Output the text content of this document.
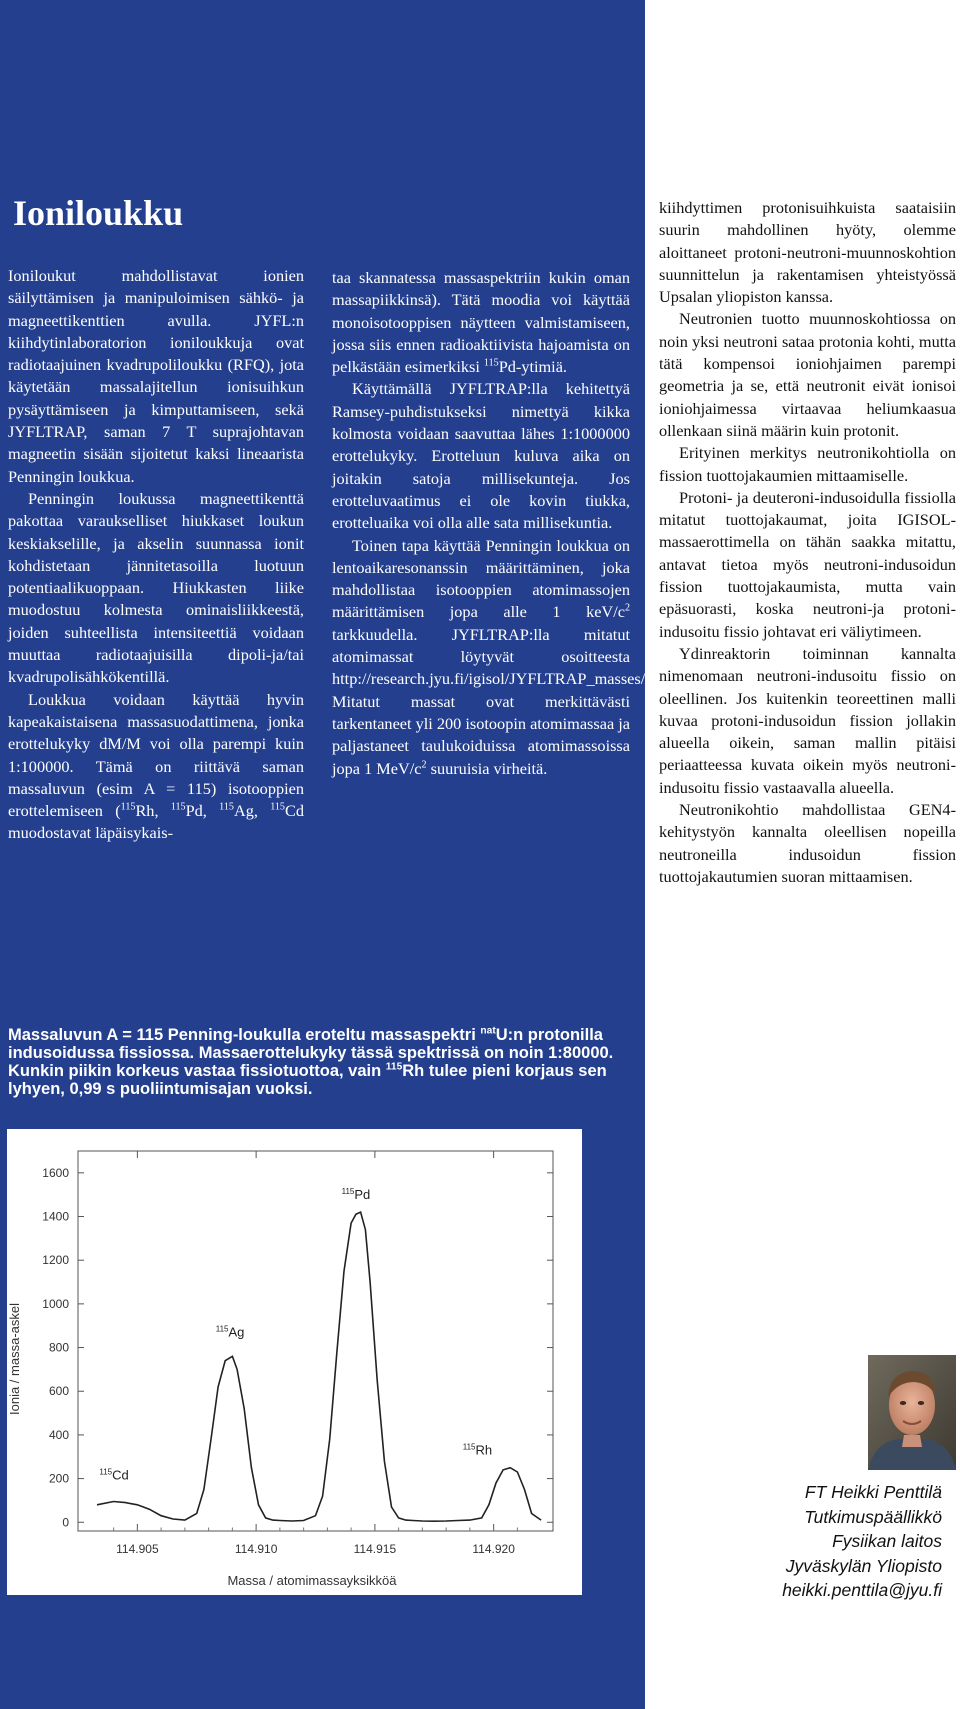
Ioniloukku

Ioniloukut mahdollistavat ionien säilyttämisen ja manipuloimisen sähkö- ja magneettikenttien avulla. JYFL:n kiihdytinlaboratorion ioniloukkuja ovat radiotaajuinen kvadrupoliloukku (RFQ), jota käytetään massalajitellun ionisuihkun pysäyttämiseen ja kimputtamiseen, sekä JYFLTRAP, saman 7 T suprajohtavan magneetin sisään sijoitetut kaksi lineaarista Penningin loukkua.

Penningin loukussa magneettikenttä pakottaa varaukselliset hiukkaset loukun keskiakselille, ja akselin suunnassa ionit kohdistetaan jännitetasoilla luotuun potentiaalikuoppaan. Hiukkasten liike muodostuu kolmesta ominaisliikkeestä, joiden suhteellista intensiteettiä voidaan muuttaa radiotaajuisilla dipoli-ja/tai kvadrupolisähkökentillä.

Loukkua voidaan käyttää hyvin kapeakaistaisena massasuodattimena, jonka erottelukyky dM/M voi olla parempi kuin 1:100000. Tämä on riittävä saman massaluvun (esim A = 115) isotooppien erottelemiseen ($^{115}$Rh, $^{115}$Pd, $^{115}$Ag, $^{115}$Cd muodostavat läpäisykais-

taa skannatessa massaspektriin kukin oman massapiikkinsä). Tätä moodia voi käyttää monoisotooppisen näytteen valmistamiseen, jossa siis ennen radioaktiivista hajoamista on pelkästään esimerkiksi $^{115}$Pd-ytimiä.

Käyttämällä JYFLTRAP:lla kehitettyä Ramsey-puhdistukseksi nimettyä kikka kolmosta voidaan saavuttaa lähes 1:1000000 erottelukyky. Erotteluun kuluva aika on joitakin satoja millisekunteja. Jos erotteluvaatimus ei ole kovin tiukka, erotteluaika voi olla alle sata millisekuntia.

Toinen tapa käyttää Penningin loukkua on lentoaikaresonanssin määrittäminen, joka mahdollistaa isotooppien atomimassojen määrittämisen jopa alle 1 keV/$c^2$ tarkkuudella. JYFLTRAP:lla mitatut atomimassat löytyvät osoitteesta http://research.jyu.fi/igisol/JYFLTRAP_masses/. Mitatut massat ovat merkittävästi tarkentaneet yli 200 isotoopin atomimassaa ja paljastaneet taulukoiduissa atomimassoissa jopa 1 MeV/$c^2$ suuruisia virheitä.

kiihdyttimen protonisuihkuista saataisiin suurin mahdollinen hyöty, olemme aloittaneet protoni-neutroni-muunnoskohtion suunnittelun ja rakentamisen yhteistyössä Upsalan yliopiston kanssa.

Neutronien tuotto muunnoskohtiossa on noin yksi neutroni sataa protonia kohti, mutta tätä kompensoi ioniohjaimen parempi geometria ja se, että neutronit eivät ionisoi ioniohjaimessa virtaavaa heliumkaasua ollenkaan siinä määrin kuin protonit.

Erityinen merkitys neutronikohtiolla on fission tuottojakaumien mittaamiselle.

Protoni- ja deuteroni-indusoidulla fissiolla mitatut tuottojakaumat, joita IGISOL-massaerottimella on tähän saakka mitattu, antavat tietoa myös neutroni-indusoidun fission tuottojakaumista, mutta vain epäsuorasti, koska neutroni-ja protoni-indusoitu fissio johtavat eri väliytimeen.

Ydinreaktorin toiminnan kannalta nimenomaan neutroni-indusoitu fissio on oleellinen. Jos kuitenkin teoreettinen malli kuvaa protoni-indusoidun fission jollakin alueella oikein, saman mallin pitäisi periaatteessa kuvata oikein myös neutroni-indusoitu fissio vastaavalla alueella.

Neutronikohtio mahdollistaa GEN4-kehitystyön kannalta oleellisen nopeilla neutroneilla indusoidun fission tuottojakautumien suoran mittaamisen.

Massaluvun A = 115 Penning-loukulla eroteltu massaspektri $^{nat}$U:n protonilla indusoidussa fissiossa. Massaerottelukyky tässä spektrissä on noin 1:80000. Kunkin piikin korkeus vastaa fissiotuottoa, vain $^{115}$Rh tulee pieni korjaus sen lyhyen, 0,99 s puoliintumisajan vuoksi.
0
200
400
600
800
1000
1200
1400
1600
114.905	114.910	114.915	114.920
$^{115}$Cd
$^{115}$Ag
$^{115}$Pd
$^{115}$Rh
Ionia / massa-askel
Massa / atomimassayksikköä
FT Heikki Penttilä
Tutkimuspäällikkö
Fysiikan laitos
Jyväskylän Yliopisto
heikki.penttila@jyu.fi
